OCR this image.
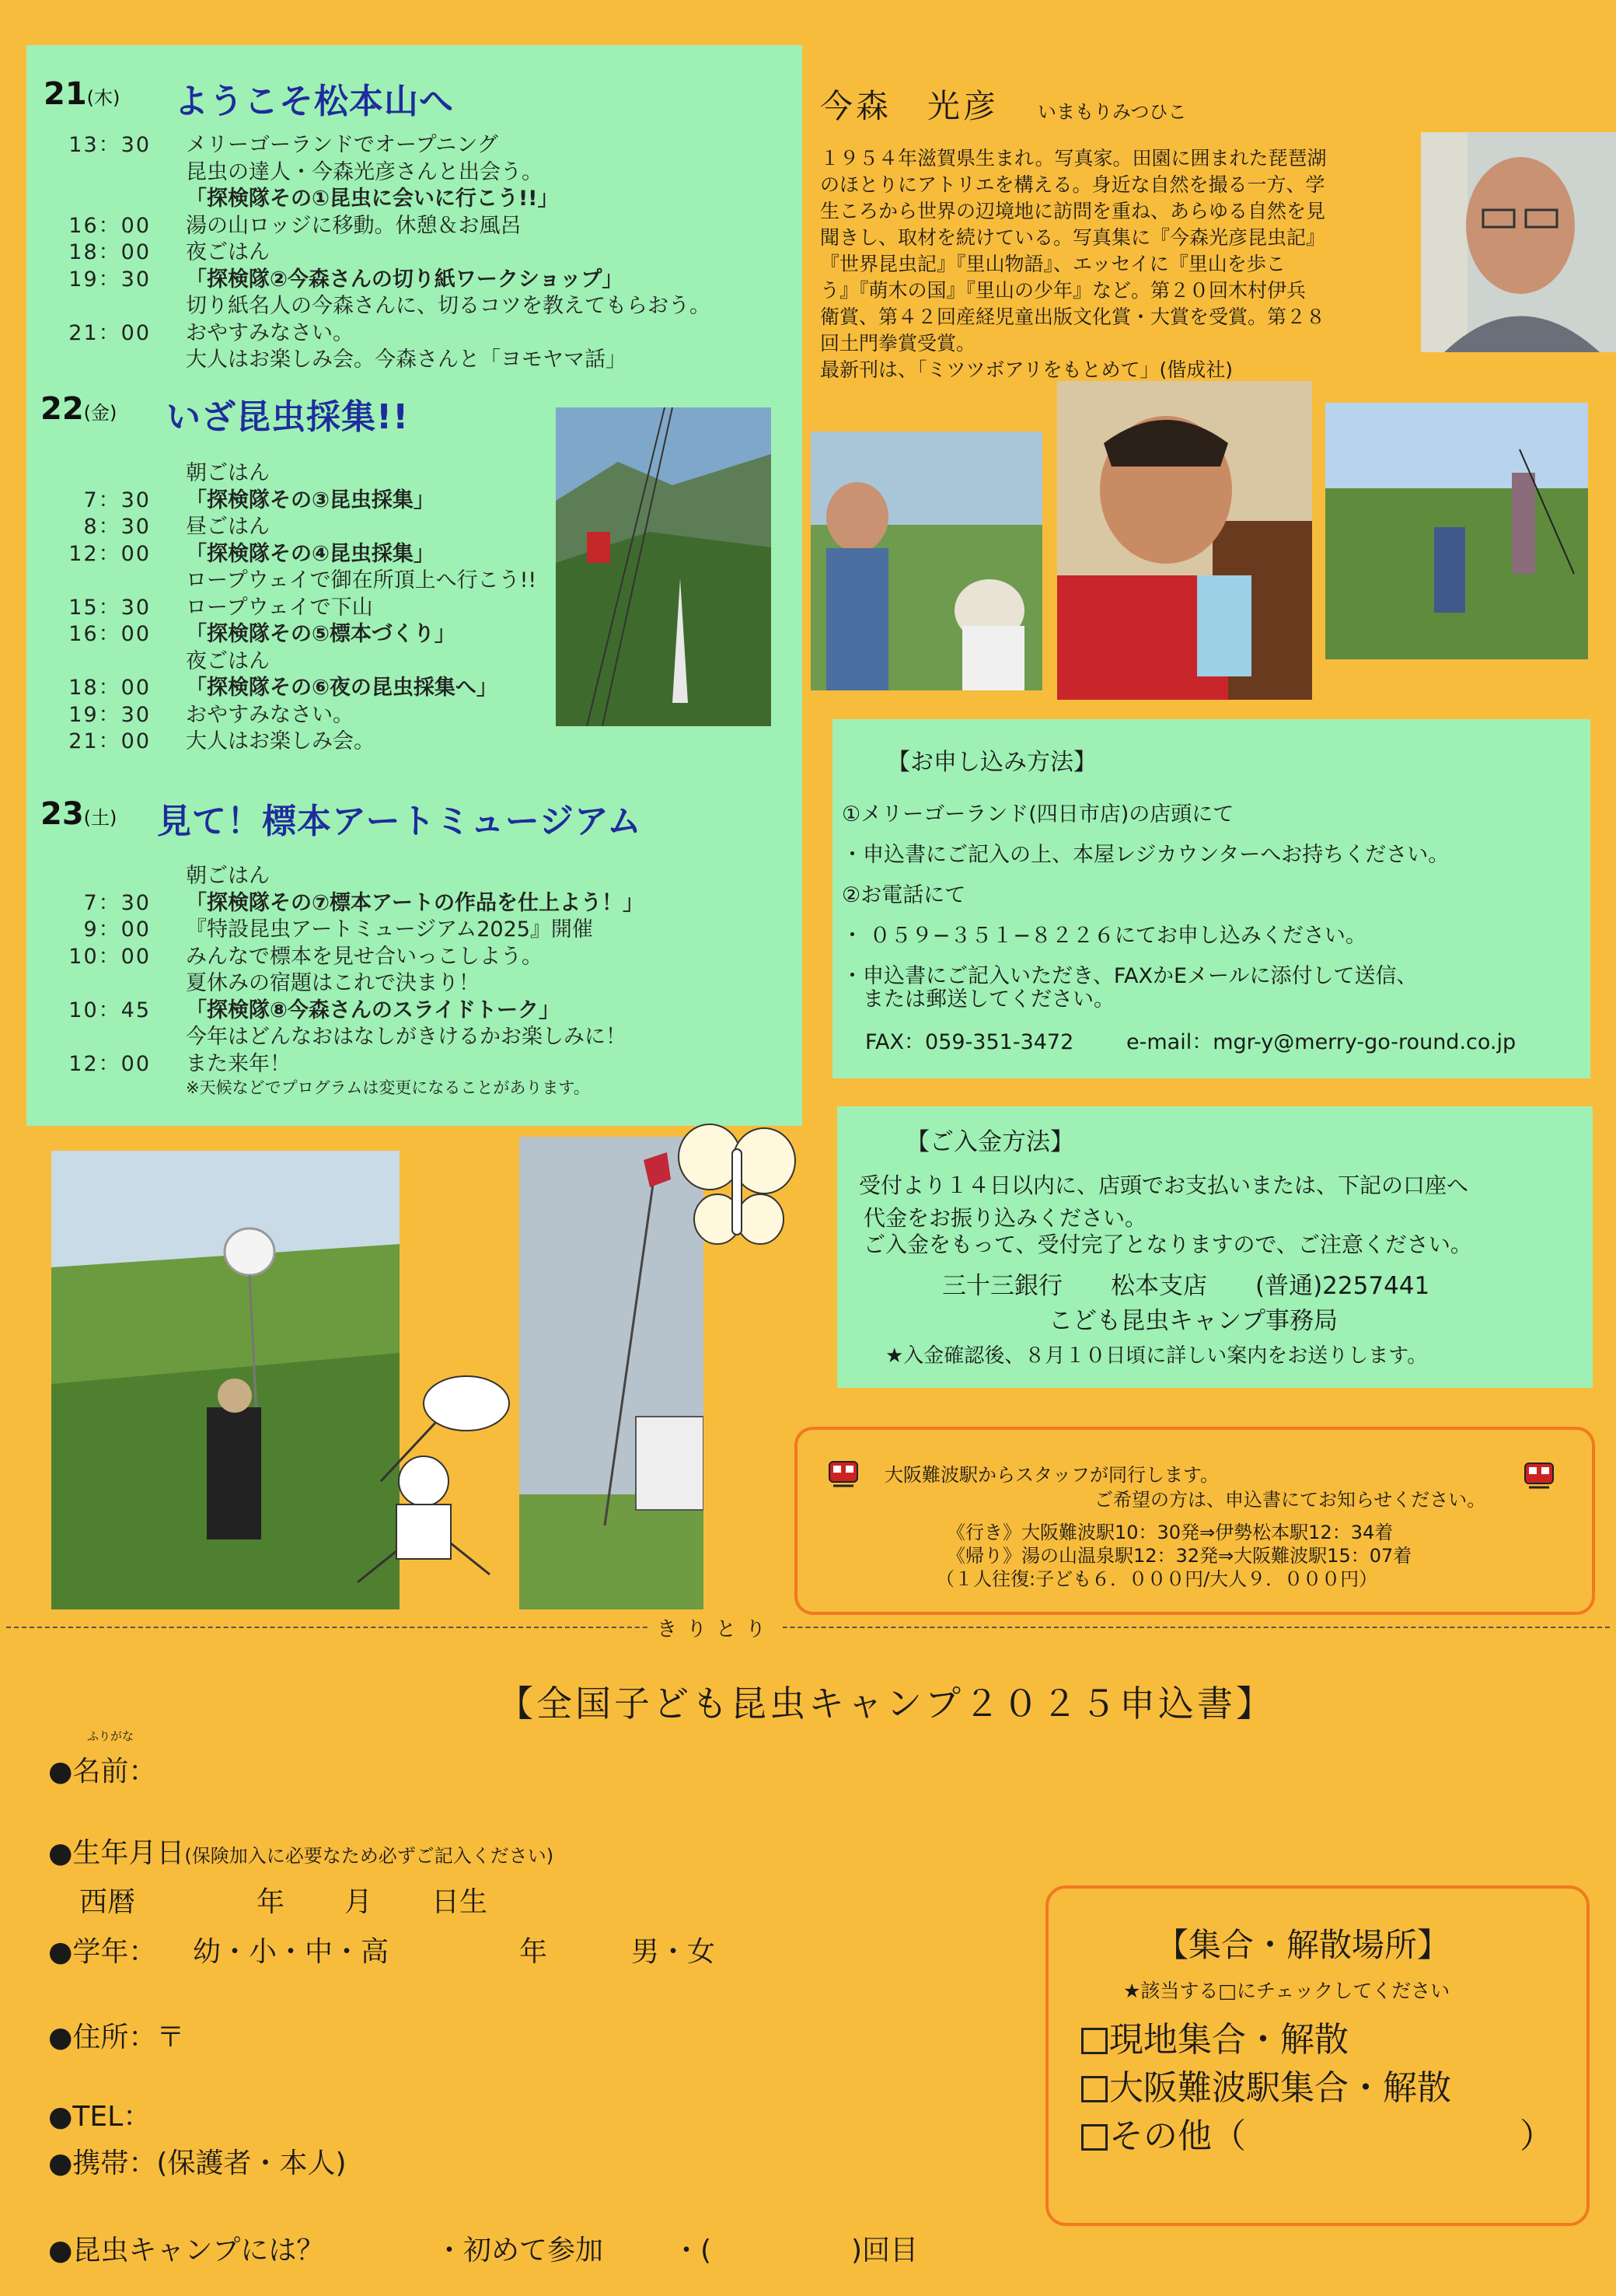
21(木) ようこそ松本山へ
13：30 メリーゴーランドでオープニング
昆虫の達人・今森光彦さんと出会う。
「探検隊その①昆虫に会いに行こう!!」
16：00 湯の山ロッジに移動。休憩＆お風呂
18：00 夜ごはん
19：30 「探検隊②今森さんの切り紙ワークショップ」
切り紙名人の今森さんに、切るコツを教えてもらおう。
21：00 おやすみなさい。
大人はお楽しみ会。今森さんと「ヨモヤマ話」
22(金) いざ昆虫採集!!
朝ごはん
7：30 「探検隊その③昆虫採集」
8：30 昼ごはん
12：00 「探検隊その④昆虫採集」
ロープウェイで御在所頂上へ行こう!!
15：30 ロープウェイで下山
16：00 「探検隊その⑤標本づくり」
夜ごはん
18：00 「探検隊その⑥夜の昆虫採集へ」
19：30 おやすみなさい。
21：00 大人はお楽しみ会。
23(土) 見て！標本アートミュージアム
朝ごはん
7：30 「探検隊その⑦標本アートの作品を仕上よう！」
9：00 『特設昆虫アートミュージアム2025』開催
10：00 みんなで標本を見せ合いっこしよう。
夏休みの宿題はこれで決まり！
10：45 「探検隊⑧今森さんのスライドトーク」
今年はどんなおはなしがきけるかお楽しみに！
12：00 また来年！
※天候などでプログラムは変更になることがあります。
今森　光彦 いまもりみつひこ
１９５４年滋賀県生まれ。写真家。田園に囲まれた琵琶湖
のほとりにアトリエを構える。身近な自然を撮る一方、学
生ころから世界の辺境地に訪問を重ね、あらゆる自然を見
聞きし、取材を続けている。写真集に『今森光彦昆虫記』
『世界昆虫記』『里山物語』、エッセイに『里山を歩こ
う』『萌木の国』『里山の少年』など。第２０回木村伊兵
衛賞、第４２回産経児童出版文化賞・大賞を受賞。第２８
回土門拳賞受賞。
最新刊は、「ミツツボアリをもとめて」(偕成社)
【お申し込み方法】
①メリーゴーランド(四日市店)の店頭にて
・申込書にご記入の上、本屋レジカウンターへお持ちください。
②お電話にて
・ ０５９−３５１−８２２６にてお申し込みください。
・申込書にご記入いただき、FAXかEメールに添付して送信、
　または郵送してください。
FAX：059-351-3472	e-mail：mgr-y@merry-go-round.co.jp
【ご入金方法】
受付より１４日以内に、店頭でお支払いまたは、下記の口座へ
代金をお振り込みください。
ご入金をもって、受付完了となりますので、ご注意ください。
三十三銀行　　松本支店　　(普通)2257441
こども昆虫キャンプ事務局
★入金確認後、８月１０日頃に詳しい案内をお送りします。
大阪難波駅からスタッフが同行します。
ご希望の方は、申込書にてお知らせください。
《行き》大阪難波駅10：30発⇒伊勢松本駅12：34着
《帰り》湯の山温泉駅12：32発⇒大阪難波駅15：07着
（１人往復:子ども６．０００円/大人９．０００円）
きりとり
【全国子ども昆虫キャンプ２０２５申込書】
ふりがな
●名前：
●生年月日(保険加入に必要なため必ずご記入ください)
西暦	年 月 日生
●学年： 幼・小・中・高	年	男・女
●住所：〒
●TEL：
●携帯：(保護者・本人)
●昆虫キャンプには？	・初めて参加 ・(　　　　　)回目
【集合・解散場所】
★該当する□にチェックしてください
現地集合・解散
大阪難波駅集合・解散
その他（　　　　　　　　）
